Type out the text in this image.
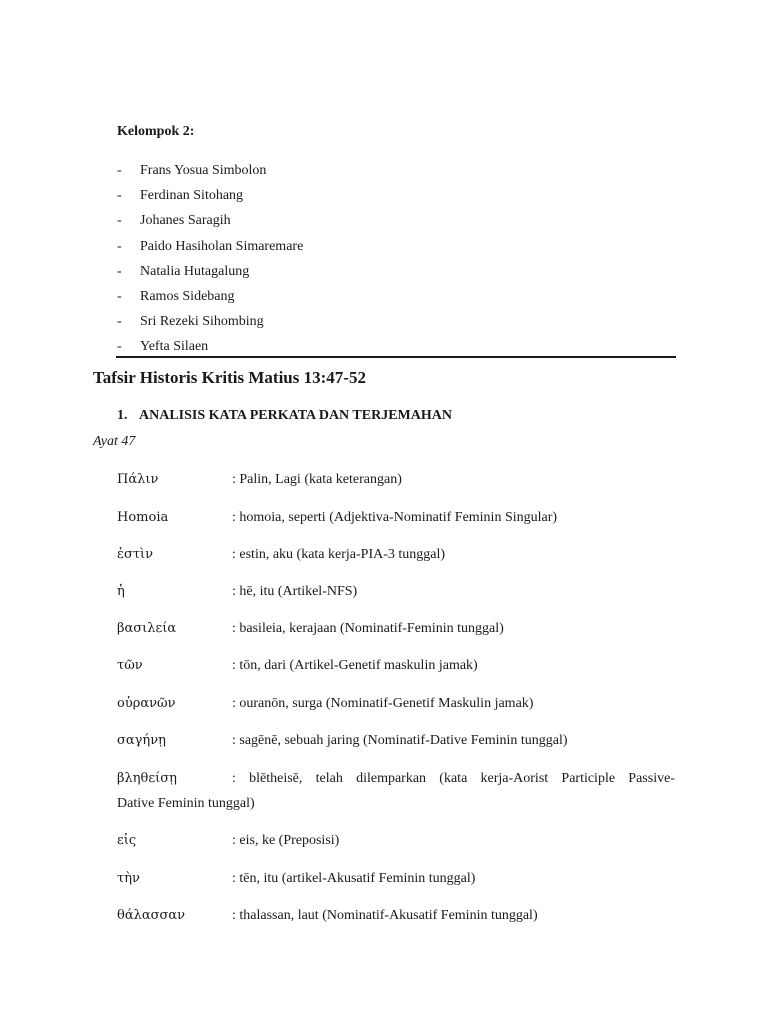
Kelompok 2:
-	Frans Yosua Simbolon
-	Ferdinan Sitohang
-	Johanes Saragih
-	Paido Hasiholan Simaremare
-	Natalia Hutagalung
-	Ramos Sidebang
-	Sri Rezeki Sihombing
-	Yefta Silaen
Tafsir Historis Kritis Matius 13:47-52
1. ANALISIS KATA PERKATA DAN TERJEMAHAN
Ayat 47
Πάλιν	: Palin, Lagi (kata keterangan)
Homoia	: homoia, seperti (Adjektiva-Nominatif Feminin Singular)
ἐστὶν	: estin, aku (kata kerja-PIA-3 tunggal)
ἡ	: hē, itu (Artikel-NFS)
βασιλεία	: basileia, kerajaan (Nominatif-Feminin tunggal)
τῶν	: tōn, dari (Artikel-Genetif maskulin jamak)
οὐρανῶν	: ouranōn, surga (Nominatif-Genetif Maskulin jamak)
σαγήνῃ	: sagēnē, sebuah jaring (Nominatif-Dative Feminin tunggal)
βληθείσῃ	: blētheisē, telah dilemparkan (kata kerja-Aorist Participle Passive-
Dative Feminin tunggal)
εἰς	: eis, ke (Preposisi)
τὴν	: tēn, itu (artikel-Akusatif Feminin tunggal)
θάλασσαν	: thalassan, laut (Nominatif-Akusatif Feminin tunggal)
